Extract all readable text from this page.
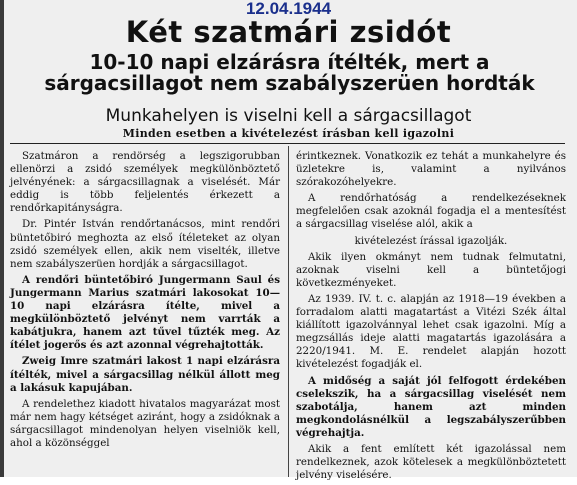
12.04.1944
Két szatmári zsidót
10-10 napi elzárásra ítélték, mert a sárgacsillagot nem szabályszerüen hordták
Munkahelyen is viselni kell a sárgacsillagot
Minden esetben a kivételezést írásban kell igazolni

Szatmáron a rendörség a legszigorubban ellenörzi a zsidó személyek megkülönböztető jelvényének: a sárgacsillagnak a viselését. Már eddig is több feljelentés érkezett a rendőrkapitányságra.

Dr. Pintér István rendőrtanácsos, mint rendőri büntetőbiró meghozta az első ítéleteket az olyan zsidó személyek ellen, akik nem viselték, illetve nem szabályszerüen hordják a sárgacsillagot.

A rendőri büntetőbiró Jungermann Saul és Jungermann Marius szatmári lakosokat 10—10 napi elzárásra ítélte, mivel a megkülönböztető jelvényt nem varrták a kabátjukra, hanem azt tűvel tűzték meg. Az ítélet jogerős és azt azonnal végrehajtották.

Zweig Imre szatmári lakost 1 napi elzárásra ítélték, mivel a sárgacsillag nélkül állott meg a lakásuk kapujában.

A rendelethez kiadott hivatalos magyarázat most már nem hagy kétséget aziránt, hogy a zsidóknak a sárgacsillagot mindenolyan helyen viselniök kell, ahol a közönséggel

érintkeznek. Vonatkozik ez tehát a munkahelyre és üzletekre is, valamint a nyilvános szórakozóhelyekre.

A rendőrhatóság a rendelkezéseknek megfelelően csak azoknál fogadja el a mentesítést a sárgacsillag viselése alól, akik a

kivételezést írással igazolják.

Akik ilyen okmányt nem tudnak felmutatni, azoknak viselni kell a büntetőjogi következményeket.

Az 1939. IV. t. c. alapján az 1918—19 években a forradalom alatti magatartást a Vitézi Szék által kiállított igazolvánnyal lehet csak igazolni. Míg a megzsállás ideje alatti magatartás igazolására a 2220/1941. M. E. rendelet alapján hozott kivételezést fogadják el.

A midőség a saját jól felfogott érdekében cselekszik, ha a sárgacsillag viselését nem szabotálja, hanem azt minden megkondolásnélkül a legszabályszerűbben végrehajtja.

Akik a fent említett két igazolással nem rendelkeznek, azok kötelesek a megkülönböztetett jelvény viselésére.
